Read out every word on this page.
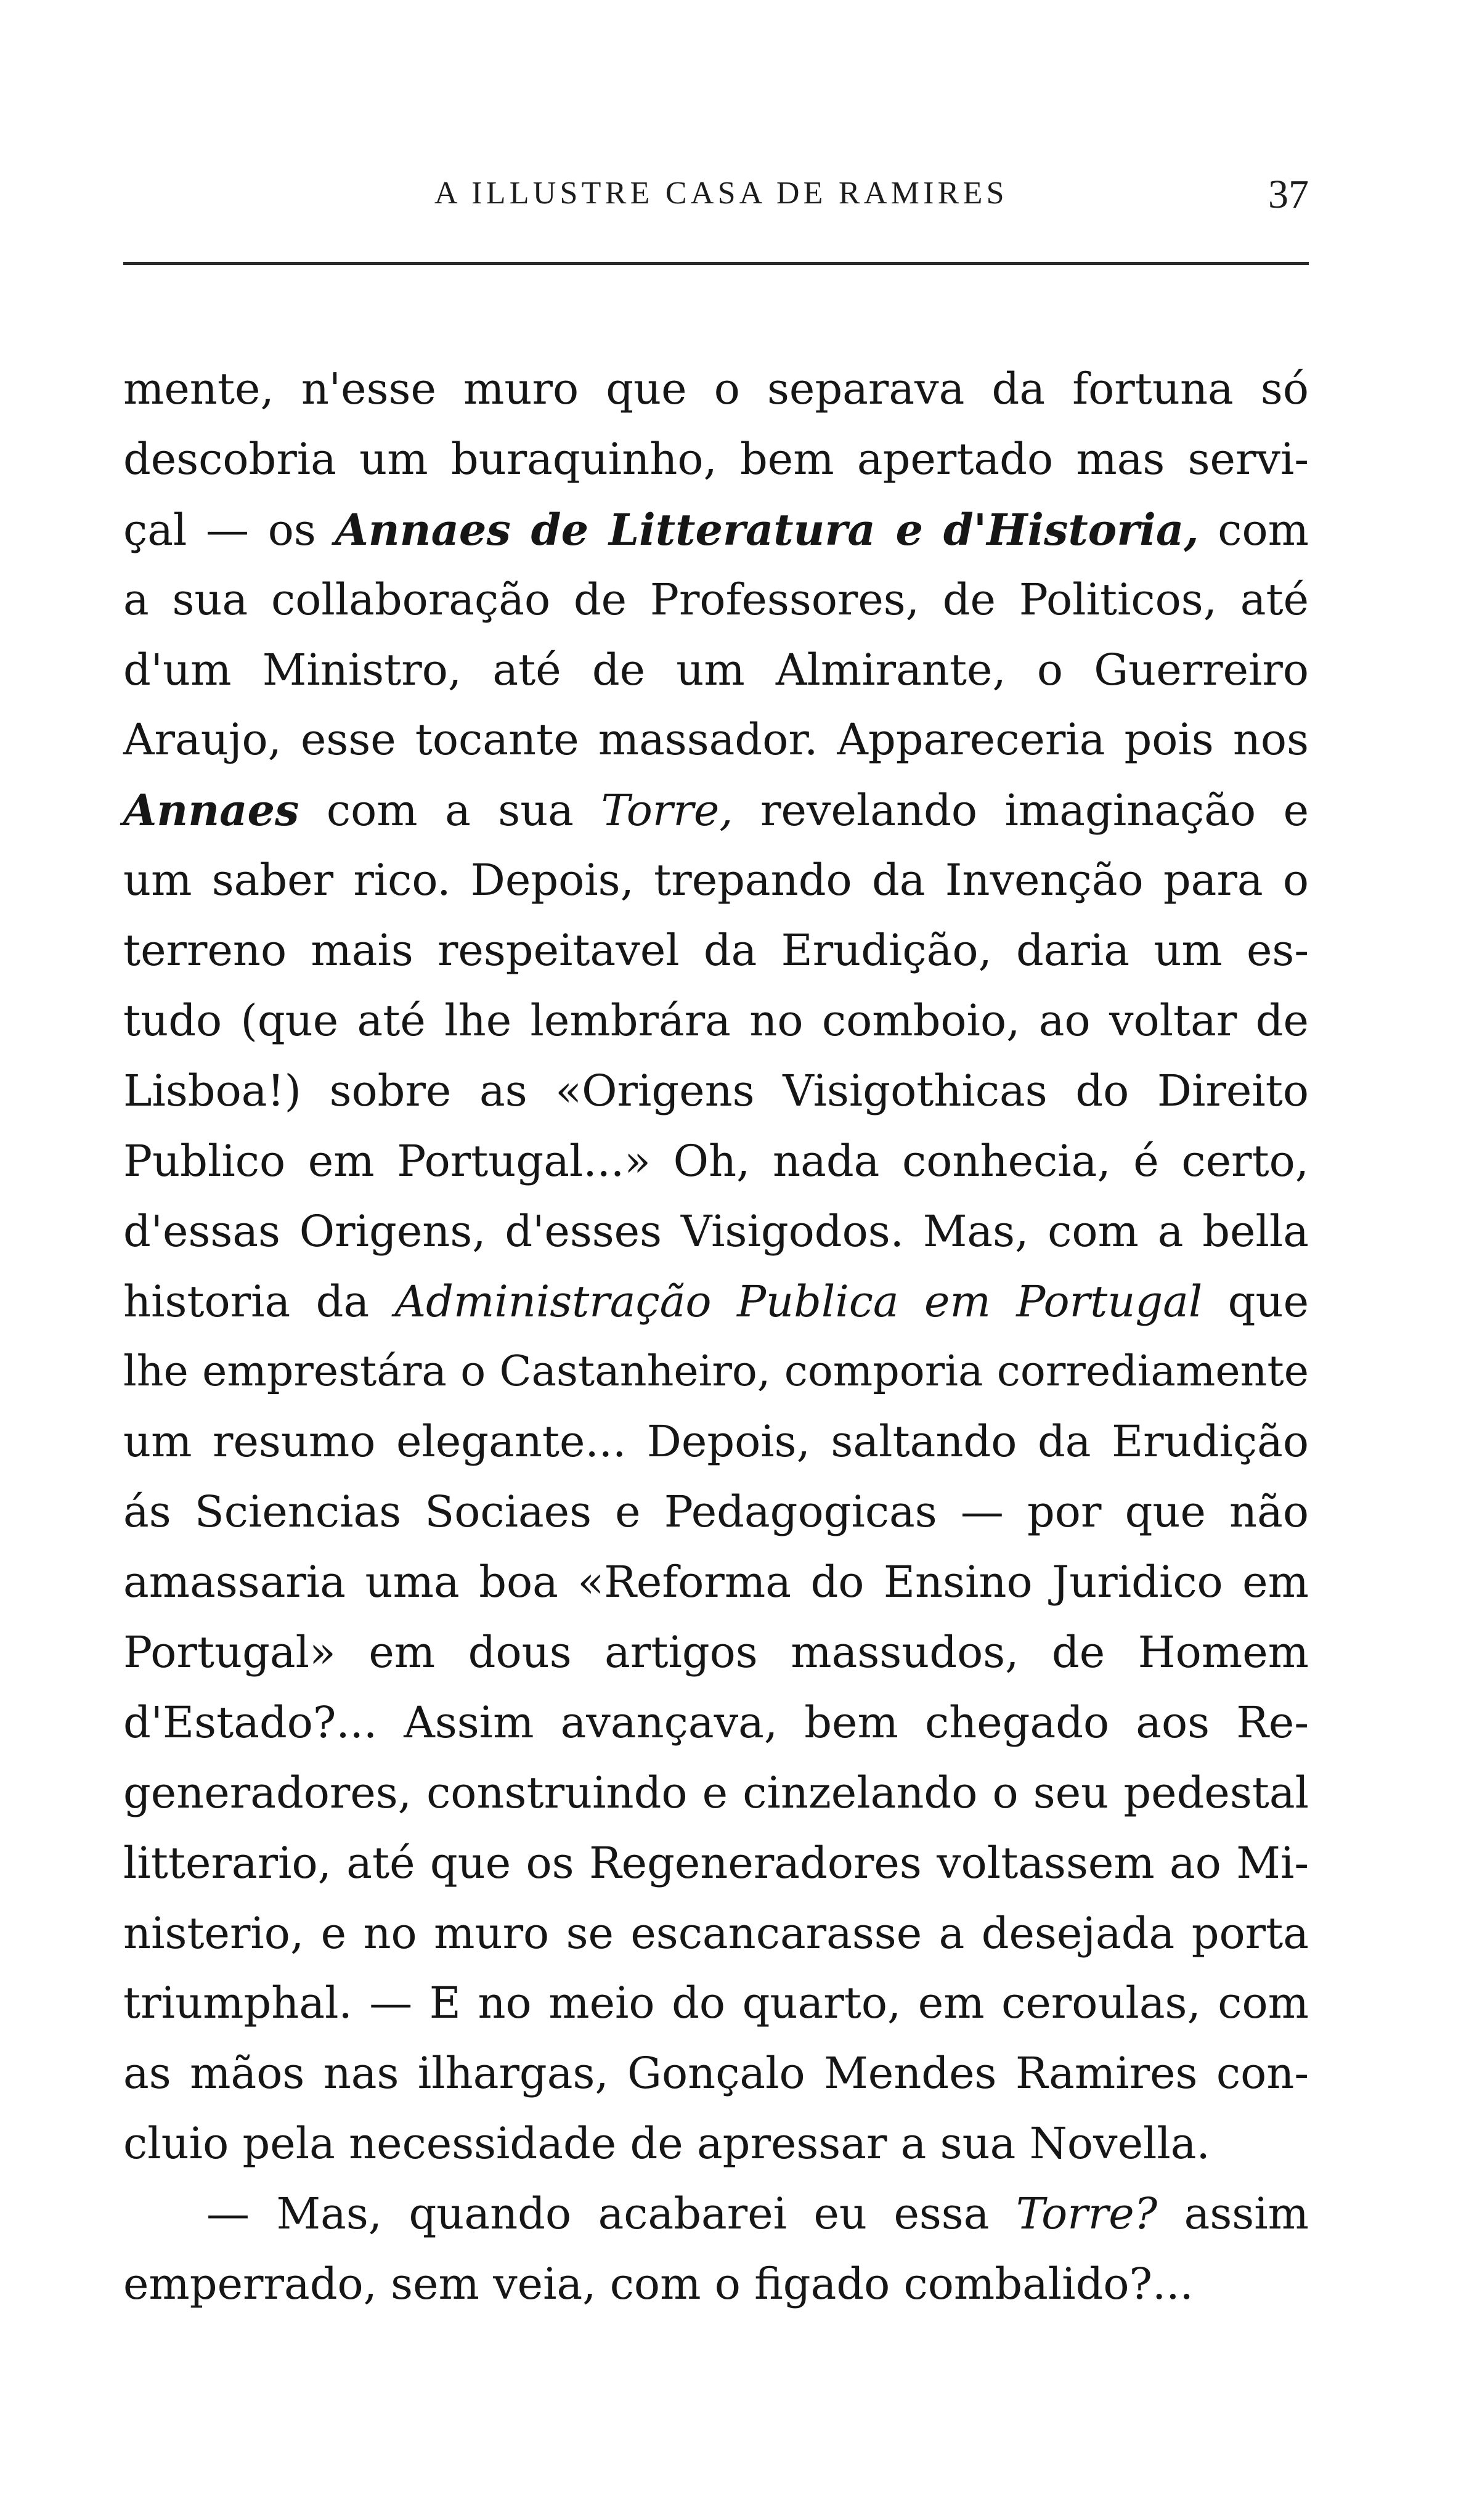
A ILLUSTRE CASA DE RAMIRES	37
mente, n'esse muro que o separava da fortuna só
descobria um buraquinho, bem apertado mas servi-
çal — os Annaes de Litteratura e d'Historia, com
a sua collaboração de Professores, de Politicos, até
d'um Ministro, até de um Almirante, o Guerreiro
Araujo, esse tocante massador. Appareceria pois nos
Annaes com a sua Torre, revelando imaginação e
um saber rico. Depois, trepando da Invenção para o
terreno mais respeitavel da Erudição, daria um es-
tudo (que até lhe lembrára no comboio, ao voltar de
Lisboa!) sobre as «Origens Visigothicas do Direito
Publico em Portugal...» Oh, nada conhecia, é certo,
d'essas Origens, d'esses Visigodos. Mas, com a bella
historia da Administração Publica em Portugal que
lhe emprestára o Castanheiro, comporia corrediamente
um resumo elegante... Depois, saltando da Erudição
ás Sciencias Sociaes e Pedagogicas — por que não
amassaria uma boa «Reforma do Ensino Juridico em
Portugal» em dous artigos massudos, de Homem
d'Estado?... Assim avançava, bem chegado aos Re-
generadores, construindo e cinzelando o seu pedestal
litterario, até que os Regeneradores voltassem ao Mi-
nisterio, e no muro se escancarasse a desejada porta
triumphal. — E no meio do quarto, em ceroulas, com
as mãos nas ilhargas, Gonçalo Mendes Ramires con-
cluio pela necessidade de apressar a sua Novella.
— Mas, quando acabarei eu essa Torre? assim
emperrado, sem veia, com o figado combalido?...
